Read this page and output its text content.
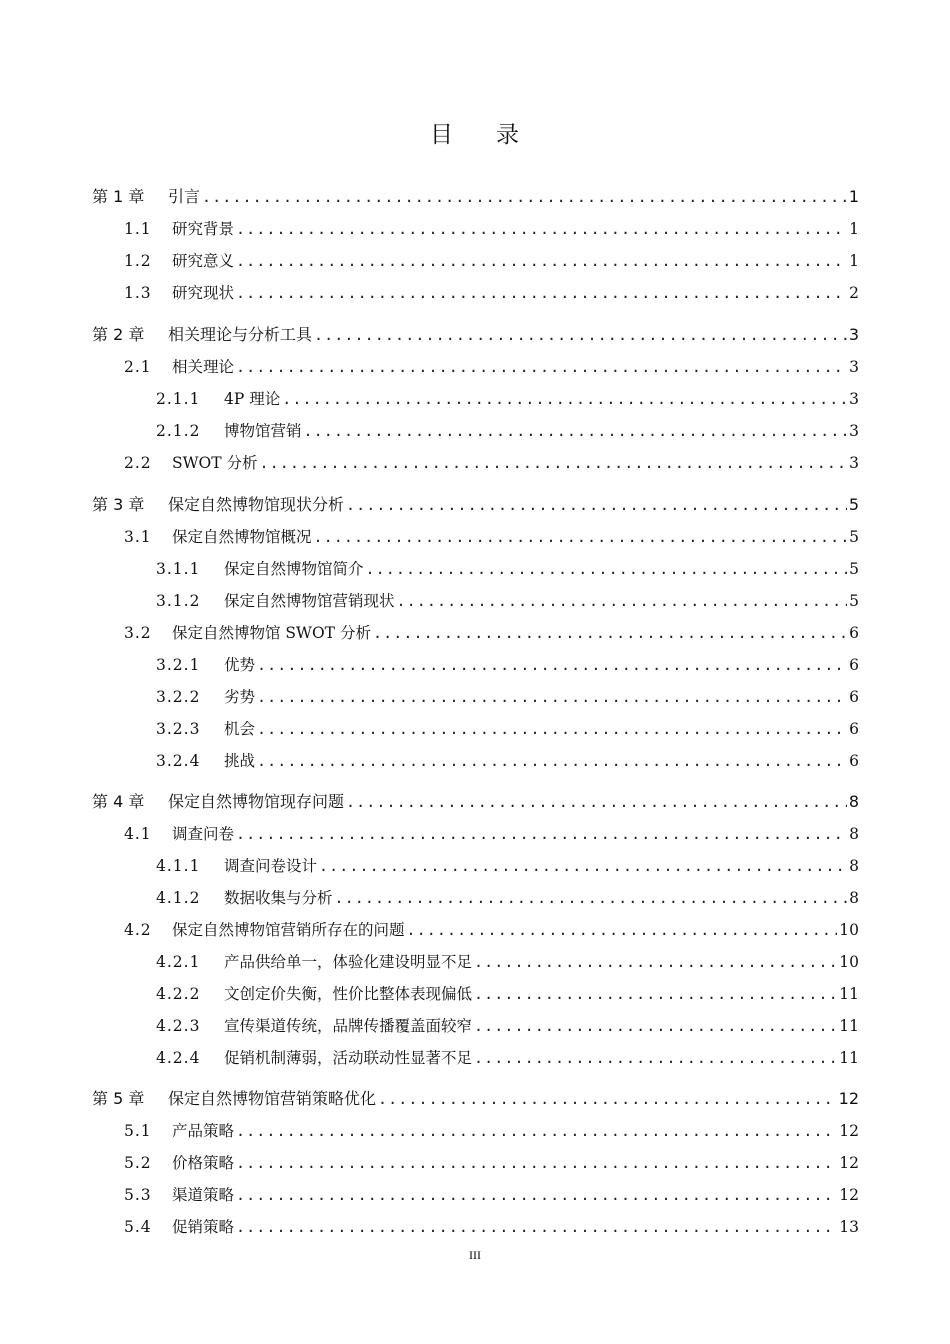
目 录
第 1 章	引言 .....	1
1.1	研究背景 .....	1
1.2	研究意义 .....	1
1.3	研究现状 .....	2
第 2 章	相关理论与分析工具 .....	3
2.1	相关理论 .....	3
2.1.1	4P 理论 .....	3
2.1.2	博物馆营销 .....	3
2.2	SWOT 分析 .....	3
第 3 章	保定自然博物馆现状分析 .....	5
3.1	保定自然博物馆概况 .....	5
3.1.1	保定自然博物馆简介 .....	5
3.1.2	保定自然博物馆营销现状 .....	5
3.2	保定自然博物馆 SWOT 分析 .....	6
3.2.1	优势 .....	6
3.2.2	劣势 .....	6
3.2.3	机会 .....	6
3.2.4	挑战 .....	6
第 4 章	保定自然博物馆现存问题 .....	8
4.1	调查问卷 .....	8
4.1.1	调查问卷设计 .....	8
4.1.2	数据收集与分析 .....	8
4.2	保定自然博物馆营销所存在的问题 .....	10
4.2.1	产品供给单一，体验化建设明显不足 .....	10
4.2.2	文创定价失衡，性价比整体表现偏低 .....	11
4.2.3	宣传渠道传统，品牌传播覆盖面较窄 .....	11
4.2.4	促销机制薄弱，活动联动性显著不足 .....	11
第 5 章	保定自然博物馆营销策略优化 .....	12
5.1	产品策略 .....	12
5.2	价格策略 .....	12
5.3	渠道策略 .....	12
5.4	促销策略 .....	13
III
